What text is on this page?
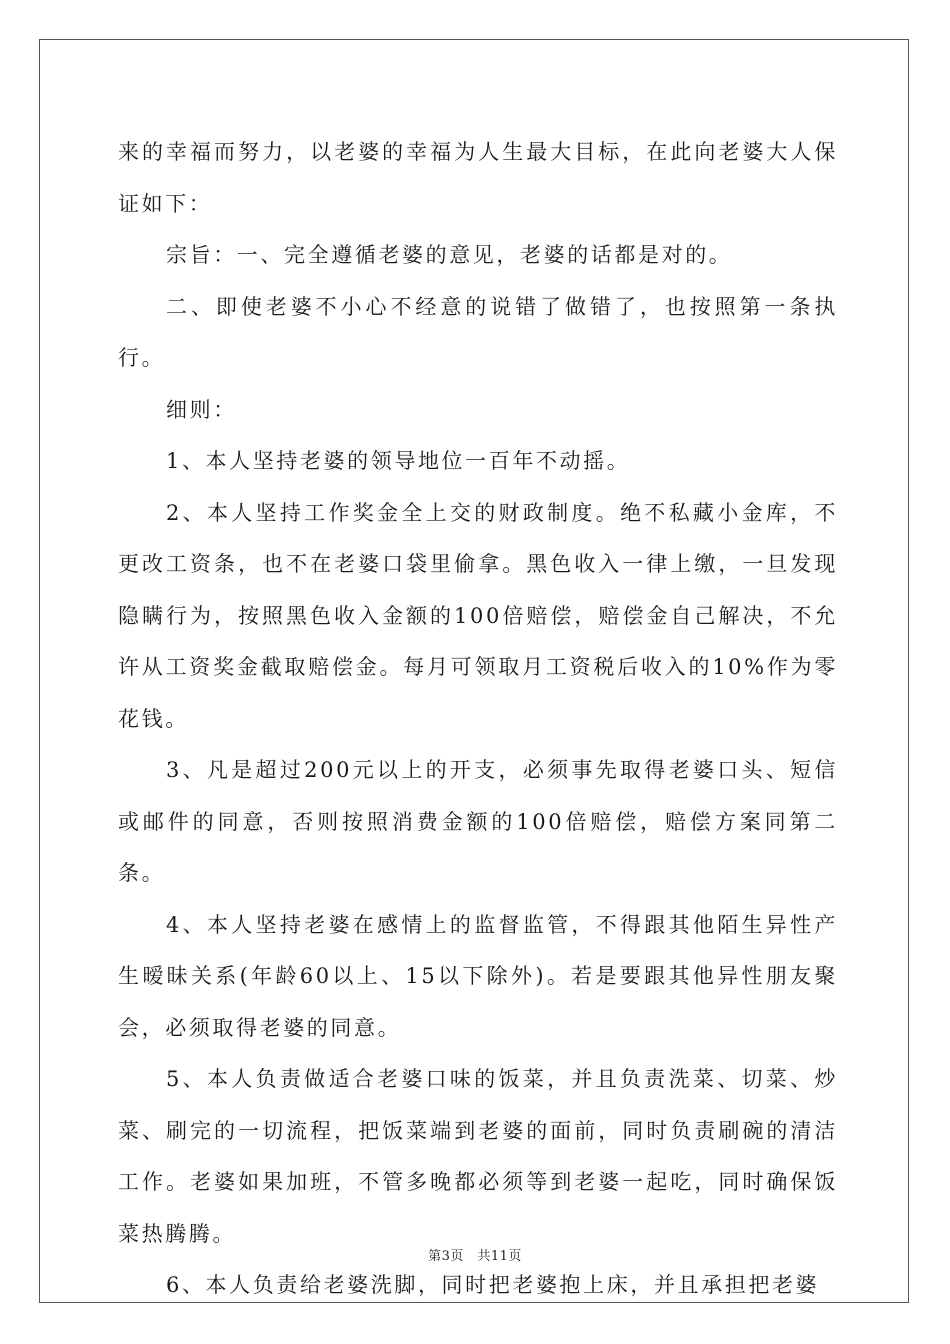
来的幸福而努力，以老婆的幸福为人生最大目标，在此向老婆大人保证如下：

宗旨：一、完全遵循老婆的意见，老婆的话都是对的。

二、即使老婆不小心不经意的说错了做错了，也按照第一条执行。

细则：

1、本人坚持老婆的领导地位一百年不动摇。

2、本人坚持工作奖金全上交的财政制度。绝不私藏小金库，不更改工资条，也不在老婆口袋里偷拿。黑色收入一律上缴，一旦发现隐瞒行为，按照黑色收入金额的100倍赔偿，赔偿金自己解决，不允许从工资奖金截取赔偿金。每月可领取月工资税后收入的10%作为零花钱。

3、凡是超过200元以上的开支，必须事先取得老婆口头、短信或邮件的同意，否则按照消费金额的100倍赔偿，赔偿方案同第二条。

4、本人坚持老婆在感情上的监督监管，不得跟其他陌生异性产生暧昧关系(年龄60以上、15以下除外)。若是要跟其他异性朋友聚会，必须取得老婆的同意。

5、本人负责做适合老婆口味的饭菜，并且负责洗菜、切菜、炒菜、刷完的一切流程，把饭菜端到老婆的面前，同时负责刷碗的清洁工作。老婆如果加班，不管多晚都必须等到老婆一起吃，同时确保饭菜热腾腾。

6、本人负责给老婆洗脚，同时把老婆抱上床，并且承担把老婆

第3页　共11页
